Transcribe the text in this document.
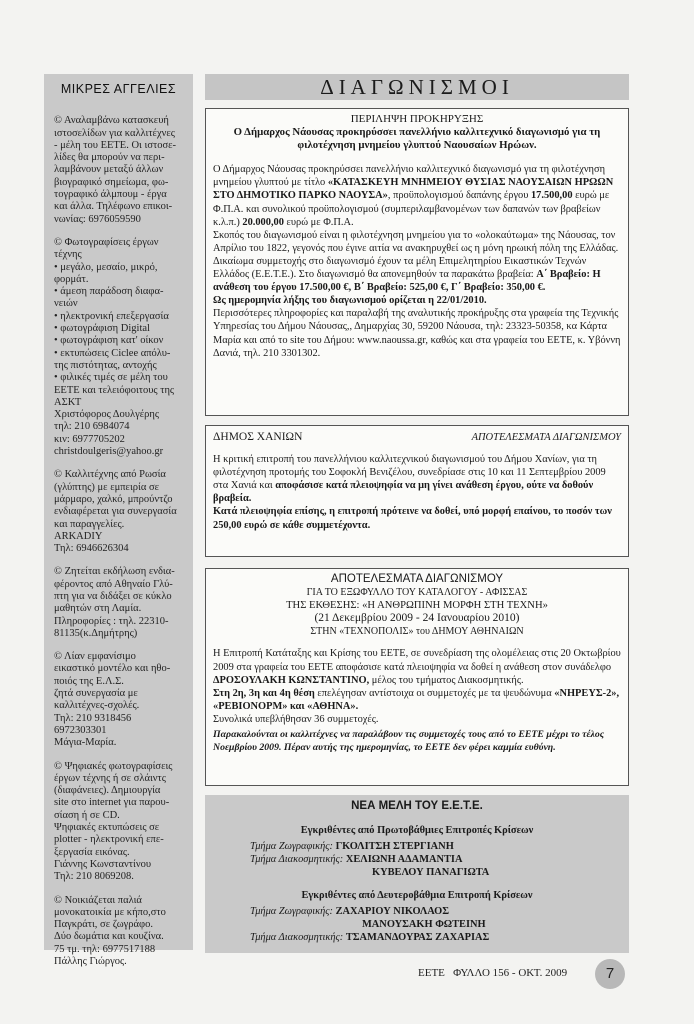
ΜΙΚΡΕΣ ΑΓΓΕΛΙΕΣ
© Αναλαμβάνω κατασκευή
ιστοσελίδων για καλλιτέχνες
- μέλη του ΕΕΤΕ. Οι ιστοσε-
λίδες θα μπορούν να περι-
λαμβάνουν μεταξύ άλλων
βιογραφικό σημείωμα, φω-
τογραφικό άλμπουμ - έργα
και άλλα. Τηλέφωνο επικοι-
νωνίας: 6976059590
© Φωτογραφίσεις έργων
τέχνης
• μεγάλο, μεσαίο, μικρό,
φορμάτ.
• άμεση παράδοση διαφα-
νειών
• ηλεκτρονική επεξεργασία
• φωτογράφιση Digital
• φωτογράφιση κατ' οίκον
• εκτυπώσεις Ciclee απόλυ-
της πιστότητας, αντοχής
• φιλικές τιμές σε μέλη του
ΕΕΤΕ και τελειόφοιτους της
ΑΣΚΤ
Χριστόφορος Δουλγέρης
τηλ: 210 6984074
κιν: 6977705202
christdoulgeris@yahoo.gr
© Καλλιτέχνης από Ρωσία
(γλύπτης) με εμπειρία σε
μάρμαρο, χαλκό, μπρούντζο
ενδιαφέρεται για συνεργασία
και παραγγελίες.
ARKADIY
Τηλ: 6946626304
© Ζητείται εκδήλωση ενδια-
φέροντος από Αθηναίο Γλύ-
πτη για να διδάξει σε κύκλο
μαθητών στη Λαμία.
Πληροφορίες : τηλ. 22310-
81135(κ.Δημήτρης)
© Λίαν εμφανίσιμο
εικαστικό μοντέλο και ηθο-
ποιός της Ε.Λ.Σ.
ζητά συνεργασία με
καλλιτέχνες-σχολές.
Τηλ: 210 9318456
6972303301
Μάγια-Μαρία.
© Ψηφιακές φωτογραφίσεις
έργων τέχνης ή σε σλάιντς
(διαφάνειες). Δημιουργία
site στο internet για παρου-
σίαση ή σε CD.
Ψηφιακές εκτυπώσεις σε
plotter - ηλεκτρονική επε-
ξεργασία εικόνας.
Γιάννης Κωνσταντίνου
Τηλ: 210 8069208.
© Νοικιάζεται παλιά
μονοκατοικία με κήπο,στο
Παγκράτι, σε ζωγράφο.
Δύο δωμάτια και κουζίνα.
75 τμ. τηλ: 6977517188
Πάλλης Γιώργος.
ΔΙΑΓΩΝΙΣΜΟΙ

ΠΕΡΙΛΗΨΗ ΠΡΟΚΗΡΥΞΗΣ

Ο Δήμαρχος Νάουσας προκηρύσσει πανελλήνιο καλλιτεχνικό διαγωνισμό για τη φιλοτέχνηση μνημείου γλυπτού Ναουσαίων Ηρώων.

Ο Δήμαρχος Νάουσας προκηρύσσει πανελλήνιο καλλιτεχνικό διαγωνισμό για τη φιλοτέχνηση μνημείου γλυπτού με τίτλο «ΚΑΤΑΣΚΕΥΗ ΜΝΗΜΕΙΟΥ ΘΥΣΙΑΣ ΝΑΟΥΣΑΙΩΝ ΗΡΩΩΝ ΣΤΟ ΔΗΜΟΤΙΚΟ ΠΑΡΚΟ ΝΑΟΥΣΑ», προϋπολογισμού δαπάνης έργου 17.500,00 ευρώ με Φ.Π.Α. και συνολικού προϋπολογισμού (συμπεριλαμβανομένων των δαπανών των βραβείων κ.λ.π.) 20.000,00 ευρώ με Φ.Π.Α.

Σκοπός του διαγωνισμού είναι η φιλοτέχνηση μνημείου για το «ολοκαύτωμα» της Νάουσας, τον Απρίλιο του 1822, γεγονός που έγινε αιτία να ανακηρυχθεί ως η μόνη ηρωική πόλη της Ελλάδας.

Δικαίωμα συμμετοχής στο διαγωνισμό έχουν τα μέλη Επιμελητηρίου Εικαστικών Τεχνών Ελλάδος (Ε.Ε.Τ.Ε.). Στο διαγωνισμό θα απονεμηθούν τα παρακάτω βραβεία: Α΄ Βραβείο: Η ανάθεση του έργου 17.500,00 €, Β΄ Βραβείο: 525,00 €, Γ΄ Βραβείο: 350,00 €.

Ως ημερομηνία λήξης του διαγωνισμού ορίζεται η 22/01/2010.

Περισσότερες πληροφορίες και παραλαβή της αναλυτικής προκήρυξης στα γραφεία της Τεχνικής Υπηρεσίας του Δήμου Νάουσας,, Δημαρχίας 30, 59200 Νάουσα, τηλ: 23323-50358, κα Κάρτα Μαρία και από το site του Δήμου: www.naoussa.gr, καθώς και στα γραφεία του ΕΕΤΕ, κ. Υβόννη Δανιά, τηλ. 210 3301302.

ΔΗΜΟΣ ΧΑΝΙΩΝ	ΑΠΟΤΕΛΕΣΜΑΤΑ ΔΙΑΓΩΝΙΣΜΟΥ

Η κριτική επιτροπή του πανελλήνιου καλλιτεχνικού διαγωνισμού του Δήμου Χανίων, για τη φιλοτέχνηση προτομής του Σοφοκλή Βενιζέλου, συνεδρίασε στις 10 και 11 Σεπτεμβρίου 2009 στα Χανιά και αποφάσισε κατά πλειοψηφία να μη γίνει ανάθεση έργου, ούτε να δοθούν βραβεία.

Κατά πλειοψηφία επίσης, η επιτροπή πρότεινε να δοθεί, υπό μορφή επαίνου, το ποσόν των 250,00 ευρώ σε κάθε συμμετέχοντα.

ΑΠΟΤΕΛΕΣΜΑΤΑ ΔΙΑΓΩΝΙΣΜΟΥ

ΓΙΑ ΤΟ ΕΞΩΦΥΛΛΟ ΤΟΥ ΚΑΤΑΛΟΓΟΥ - ΑΦΙΣΣΑΣ

ΤΗΣ ΕΚΘΕΣΗΣ: «Η ΑΝΘΡΩΠΙΝΗ ΜΟΡΦΗ ΣΤΗ ΤΕΧΝΗ»

(21 Δεκεμβρίου 2009 - 24 Ιανουαρίου 2010)

ΣΤΗΝ «ΤΕΧΝΟΠΟΛΙΣ» του ΔΗΜΟΥ ΑΘΗΝΑΙΩΝ

Η Επιτροπή Κατάταξης και Κρίσης του ΕΕΤΕ, σε συνεδρίαση της ολομέλειας στις 20 Οκτωβρίου 2009 στα γραφεία του ΕΕΤΕ αποφάσισε κατά πλειοψηφία να δοθεί η ανάθεση στον συνάδελφο ΔΡΟΣΟΥΛΑΚΗ ΚΩΝΣΤΑΝΤΙΝΟ, μέλος του τμήματος Διακοσμητικής.

Στη 2η, 3η και 4η θέση επελέγησαν αντίστοιχα οι συμμετοχές με τα ψευδώνυμα «ΝΗΡΕΥΣ-2», «ΡΕΒΙΟΝΟΡΜ» και «ΑΘΗΝΑ».

Συνολικά υπεβλήθησαν 36 συμμετοχές.

Παρακαλούνται οι καλλιτέχνες να παραλάβουν τις συμμετοχές τους από το ΕΕΤΕ μέχρι το τέλος Νοεμβρίου 2009. Πέραν αυτής της ημερομηνίας, το ΕΕΤΕ δεν φέρει καμμία ευθύνη.

ΝΕΑ ΜΕΛΗ ΤΟΥ Ε.Ε.Τ.Ε.

Εγκριθέντες από Πρωτοβάθμιες Επιτροπές Κρίσεων

Τμήμα Ζωγραφικής: ΓΚΟΛΙΤΣΗ ΣΤΕΡΓΙΑΝΗ

Τμήμα Διακοσμητικής: ΧΕΛΙΩΝΗ ΑΔΑΜΑΝΤΙΑ

ΚΥΒΕΛΟΥ ΠΑΝΑΓΙΩΤΑ

Εγκριθέντες από Δευτεροβάθμια Επιτροπή Κρίσεων

Τμήμα Ζωγραφικής: ΖΑΧΑΡΙΟΥ ΝΙΚΟΛΑΟΣ

ΜΑΝΟΥΣΑΚΗ ΦΩΤΕΙΝΗ

Τμήμα Διακοσμητικής: ΤΣΑΜΑΝΔΟΥΡΑΣ ΖΑΧΑΡΙΑΣ

ΕΕΤΕ   ΦΥΛΛΟ 156 - ΟΚΤ. 2009	7
